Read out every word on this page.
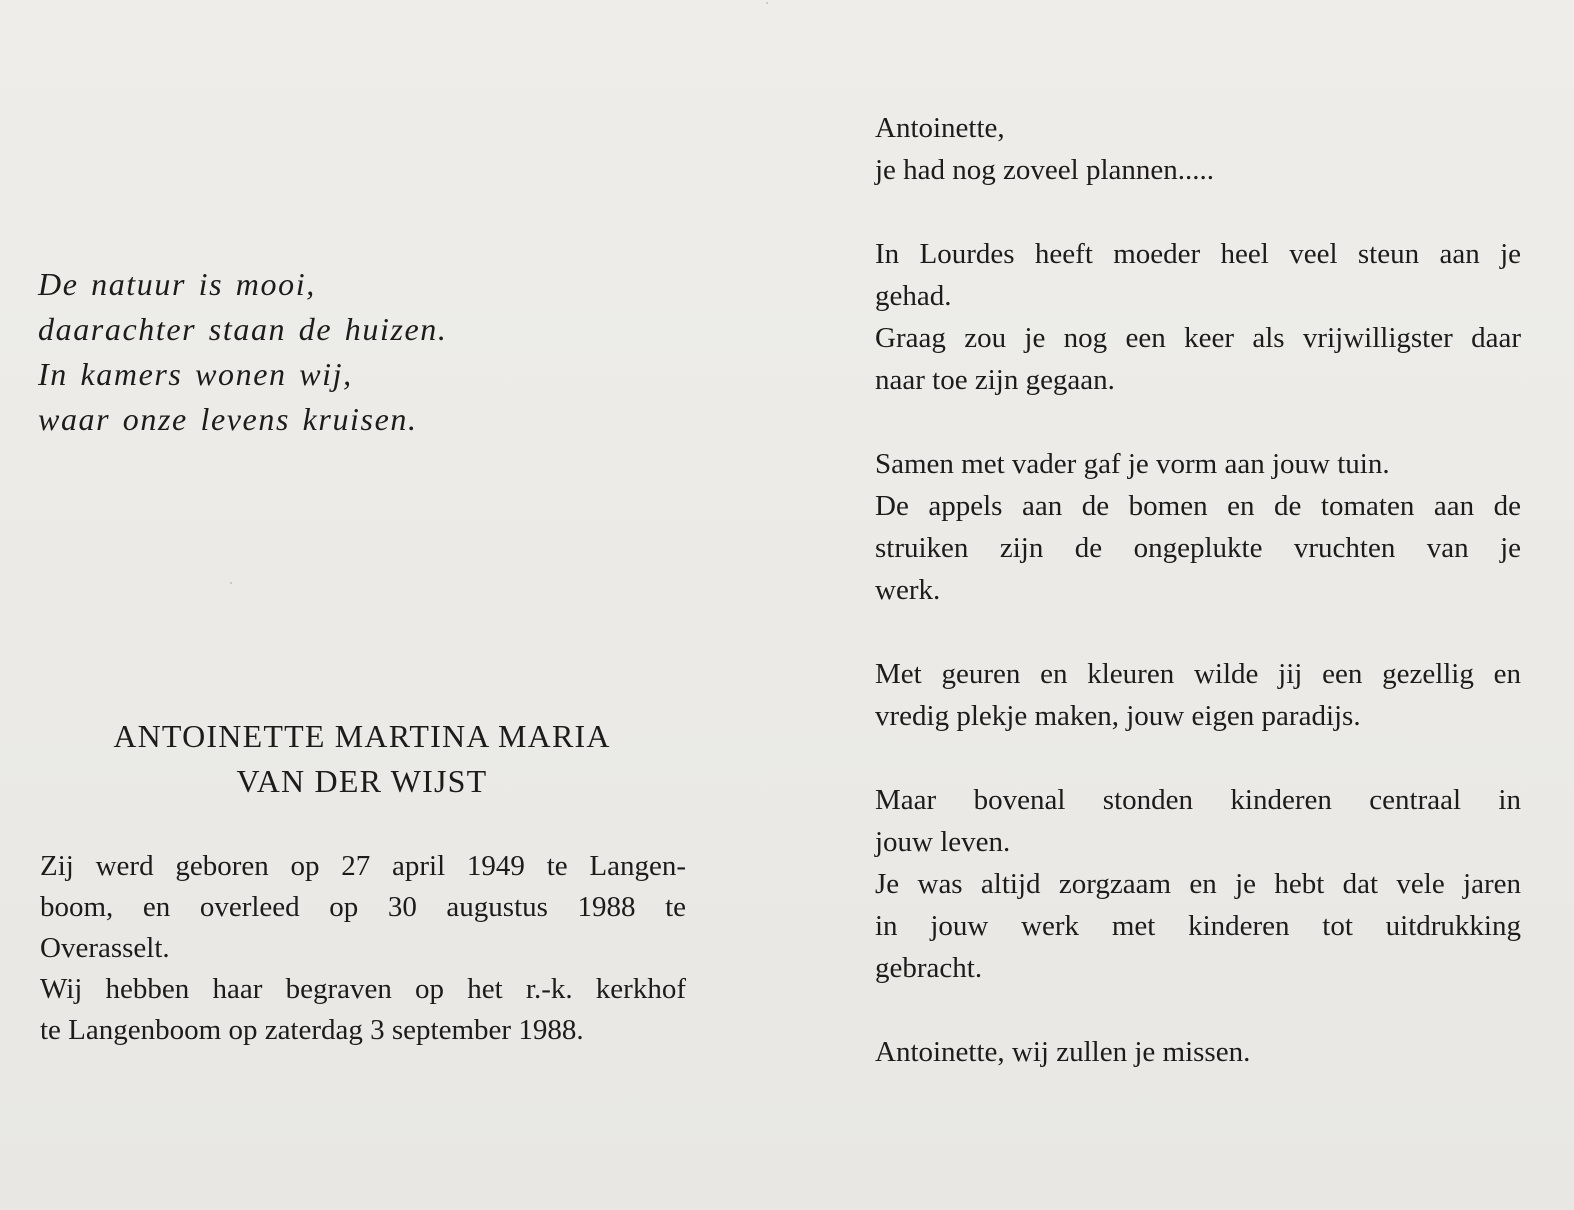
De natuur is mooi,
daarachter staan de huizen.
In kamers wonen wij,
waar onze levens kruisen.
ANTOINETTE MARTINA MARIA
VAN DER WIJST
Zij werd geboren op 27 april 1949 te Langen-
boom, en overleed op 30 augustus 1988 te
Overasselt.
Wij hebben haar begraven op het r.-k. kerkhof
te Langenboom op zaterdag 3 september 1988.
Antoinette,
je had nog zoveel plannen.....
In Lourdes heeft moeder heel veel steun aan je
gehad.
Graag zou je nog een keer als vrijwilligster daar
naar toe zijn gegaan.
Samen met vader gaf je vorm aan jouw tuin.
De appels aan de bomen en de tomaten aan de
struiken zijn de ongeplukte vruchten van je
werk.
Met geuren en kleuren wilde jij een gezellig en
vredig plekje maken, jouw eigen paradijs.
Maar bovenal stonden kinderen centraal in
jouw leven.
Je was altijd zorgzaam en je hebt dat vele jaren
in jouw werk met kinderen tot uitdrukking
gebracht.
Antoinette, wij zullen je missen.
